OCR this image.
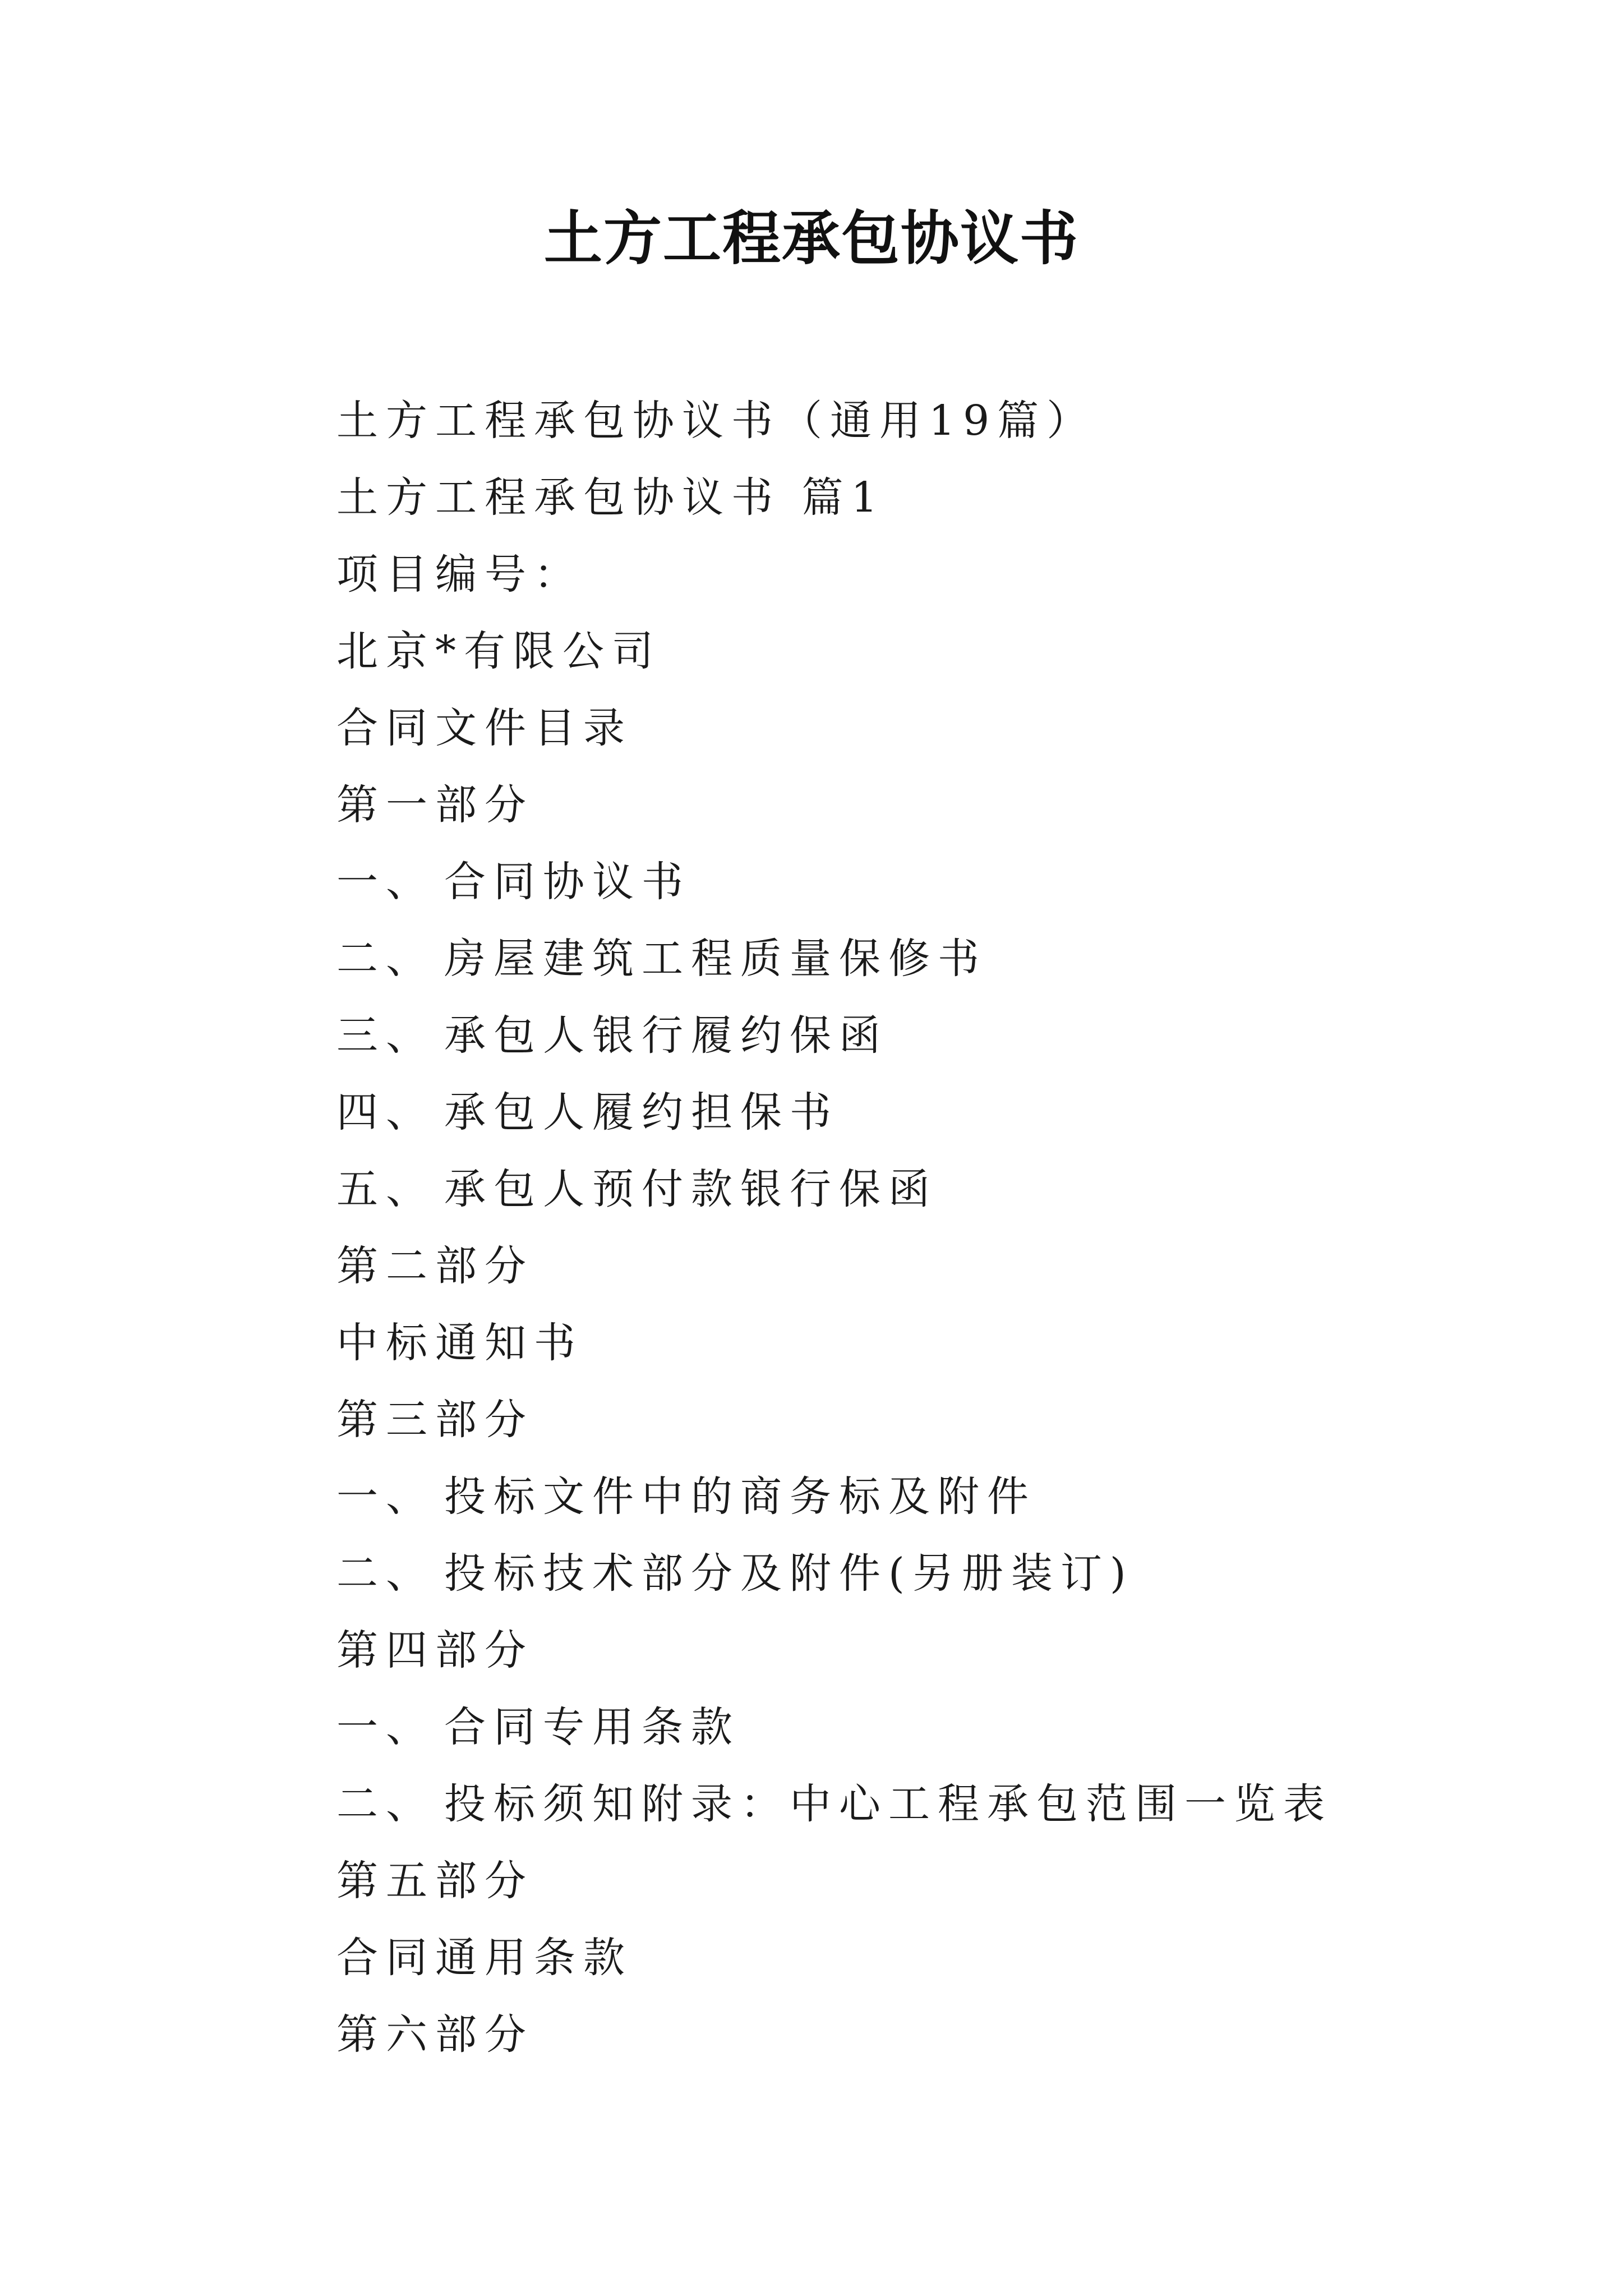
土方工程承包协议书
土方工程承包协议书（通用19篇）
土方工程承包协议书 篇1
项目编号：
北京*有限公司
合同文件目录
第一部分
一、 合同协议书
二、 房屋建筑工程质量保修书
三、 承包人银行履约保函
四、 承包人履约担保书
五、 承包人预付款银行保函
第二部分
中标通知书
第三部分
一、 投标文件中的商务标及附件
二、 投标技术部分及附件(另册装订)
第四部分
一、 合同专用条款
二、 投标须知附录：中心工程承包范围一览表
第五部分
合同通用条款
第六部分
